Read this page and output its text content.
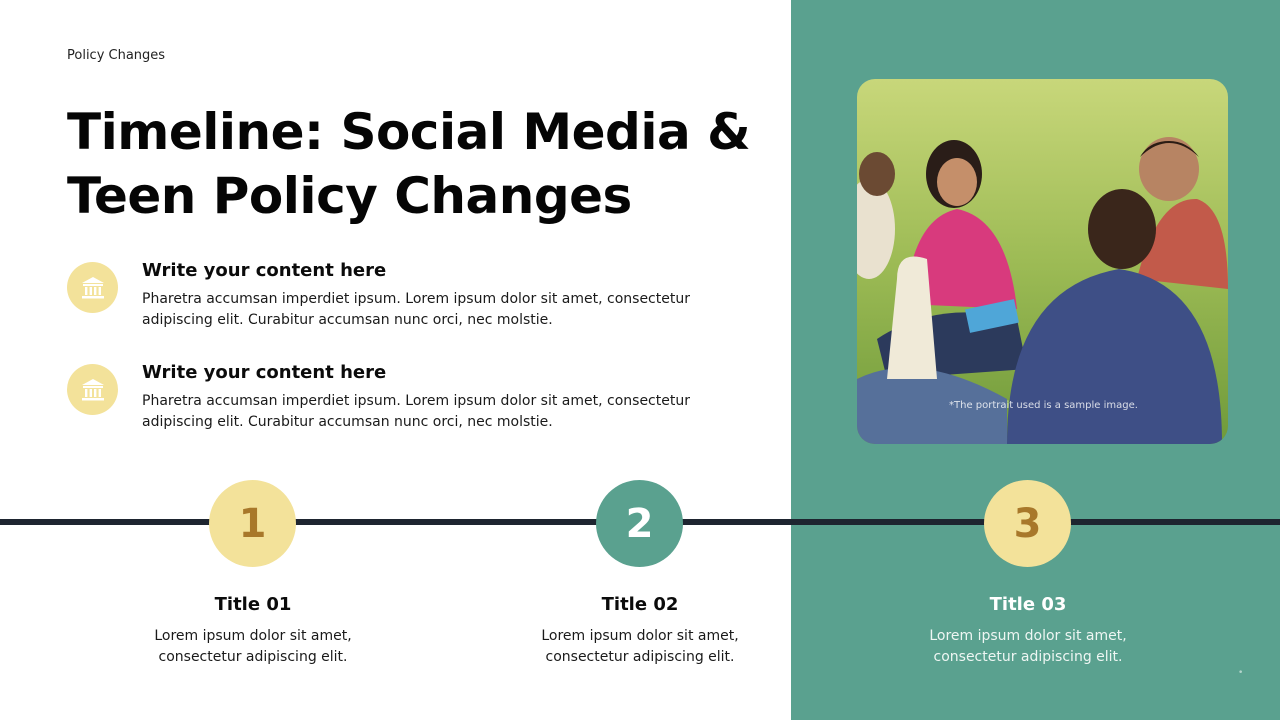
Policy Changes
Timeline: Social Media &
Teen Policy Changes
Write your content here
Pharetra accumsan imperdiet ipsum. Lorem ipsum dolor sit amet, consectetur adipiscing elit. Curabitur accumsan nunc orci, nec molstie.
Write your content here
Pharetra accumsan imperdiet ipsum. Lorem ipsum dolor sit amet, consectetur adipiscing elit. Curabitur accumsan nunc orci, nec molstie.
*The portrait used is a sample image.
1	2	3
Title 01
Lorem ipsum dolor sit amet,
consectetur adipiscing elit.
Title 02
Lorem ipsum dolor sit amet,
consectetur adipiscing elit.
Title 03
Lorem ipsum dolor sit amet,
consectetur adipiscing elit.
•
